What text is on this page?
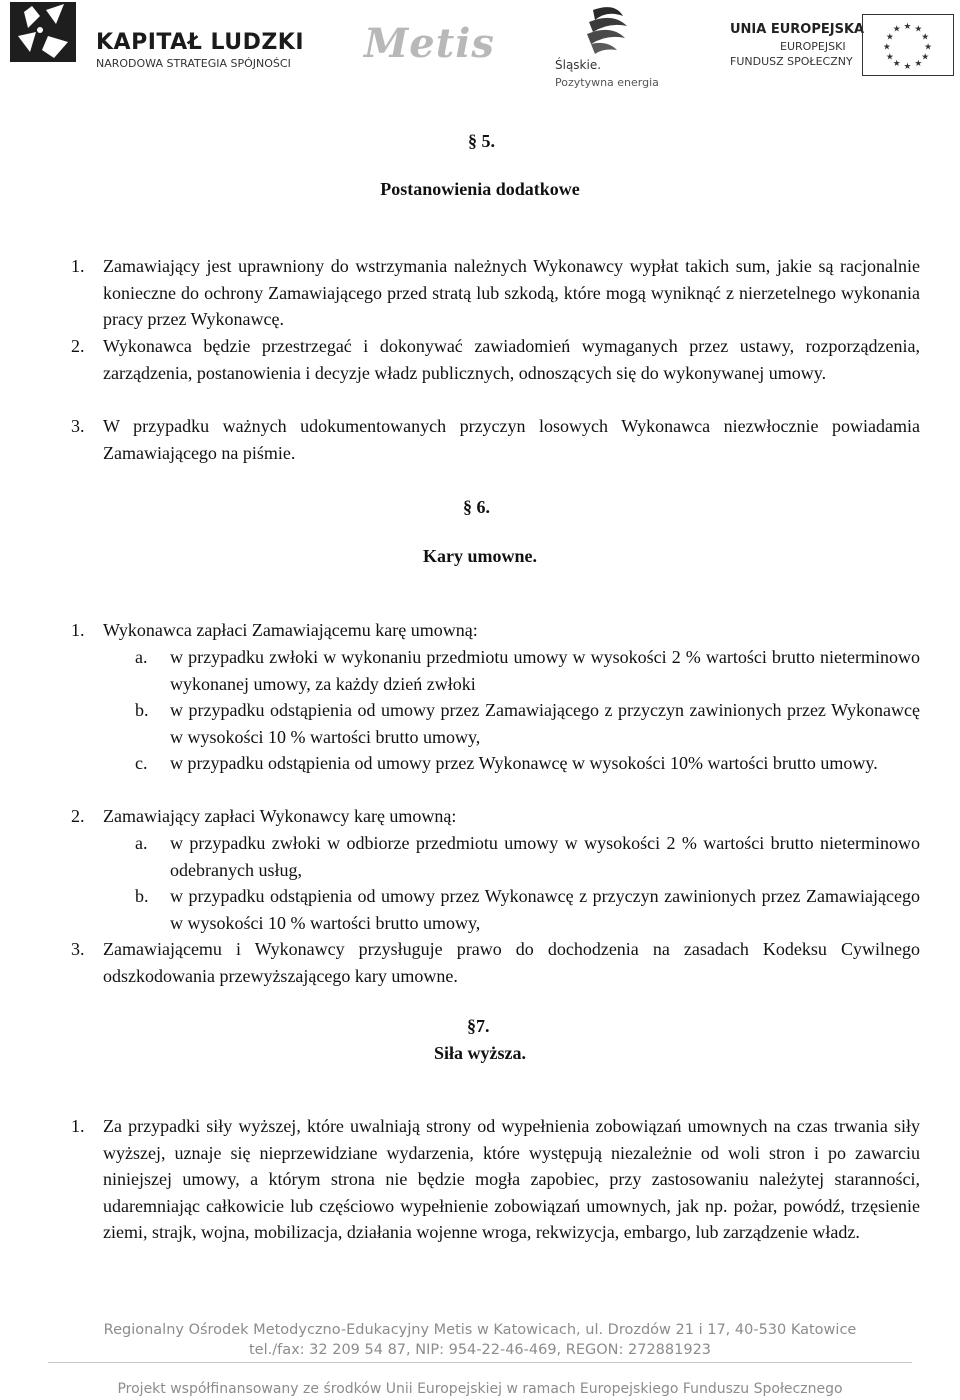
KAPITAŁ LUDZKI
NARODOWA STRATEGIA SPÓJNOŚCI Metis	Śląskie.
Pozytywna energia
UNIA EUROPEJSKA
EUROPEJSKI
FUNDUSZ SPOŁECZNY
★ ★
★
★
★
★
★
★
★
★
★
★
§ 5.
Postanowienia dodatkowe
1. Zamawiający jest uprawniony do wstrzymania należnych Wykonawcy wypłat takich sum, jakie są racjonalnie konieczne do ochrony Zamawiającego przed stratą lub szkodą, które mogą wyniknąć z nierzetelnego wykonania pracy przez Wykonawcę.

2. Wykonawca będzie przestrzegać i dokonywać zawiadomień wymaganych przez ustawy, rozporządzenia, zarządzenia, postanowienia i decyzje władz publicznych, odnoszących się do wykonywanej umowy.

3. W przypadku ważnych udokumentowanych przyczyn losowych Wykonawca niezwłocznie powiadamia Zamawiającego na piśmie.

§ 6.
Kary umowne.
1. Wykonawca zapłaci Zamawiającemu karę umowną:

a. w przypadku zwłoki w wykonaniu przedmiotu umowy w wysokości 2 % wartości brutto nieterminowo wykonanej umowy, za każdy dzień zwłoki

b. w przypadku odstąpienia od umowy przez Zamawiającego z przyczyn zawinionych przez Wykonawcę w wysokości 10 % wartości brutto umowy,

c. w przypadku odstąpienia od umowy przez Wykonawcę w wysokości 10% wartości brutto umowy.

2. Zamawiający zapłaci Wykonawcy karę umowną:

a. w przypadku zwłoki w odbiorze przedmiotu umowy w wysokości 2 % wartości brutto nieterminowo odebranych usług,

b. w przypadku odstąpienia od umowy przez Wykonawcę z przyczyn zawinionych przez Zamawiającego w wysokości 10 % wartości brutto umowy,

3. Zamawiającemu i Wykonawcy przysługuje prawo do dochodzenia na zasadach Kodeksu Cywilnego odszkodowania przewyższającego kary umowne.

§7.
Siła wyższa.
1. Za przypadki siły wyższej, które uwalniają strony od wypełnienia zobowiązań umownych na czas trwania siły wyższej, uznaje się nieprzewidziane wydarzenia, które występują niezależnie od woli stron i po zawarciu niniejszej umowy, a którym strona nie będzie mogła zapobiec, przy zastosowaniu należytej staranności, udaremniając całkowicie lub częściowo wypełnienie zobowiązań umownych, jak np. pożar, powódź, trzęsienie ziemi, strajk, wojna, mobilizacja, działania wojenne wroga, rekwizycja, embargo, lub zarządzenie władz.

Regionalny Ośrodek Metodyczno-Edukacyjny Metis w Katowicach, ul. Drozdów 21 i 17, 40-530 Katowice
tel./fax: 32 209 54 87, NIP: 954-22-46-469, REGON: 272881923
Projekt współfinansowany ze środków Unii Europejskiej w ramach Europejskiego Funduszu Społecznego
